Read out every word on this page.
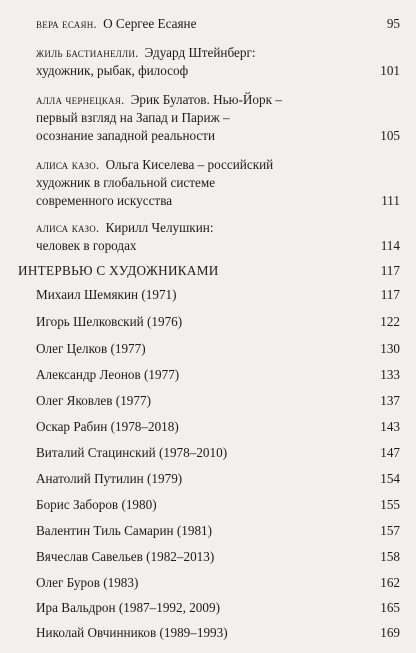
вера есаян. О Сергее Есаяне	95
жиль бастианелли. Эдуард Штейнберг:
художник, рыбак, философ	101
алла чернецкая. Эрик Булатов. Нью-Йорк –
первый взгляд на Запад и Париж –
осознание западной реальности	105
алиса казо. Ольга Киселева – российский
художник в глобальной системе
современного искусства	111
алиса казо. Кирилл Челушкин:
человек в городах	114
ИНТЕРВЬЮ С ХУДОЖНИКАМИ	117
Михаил Шемякин (1971)	117
Игорь Шелковский (1976)	122
Олег Целков (1977)	130
Александр Леонов (1977)	133
Олег Яковлев (1977)	137
Оскар Рабин (1978–2018)	143
Виталий Стацинский (1978–2010)	147
Анатолий Путилин (1979)	154
Борис Заборов (1980)	155
Валентин Тиль Самарин (1981)	157
Вячеслав Савельев (1982–2013)	158
Олег Буров (1983)	162
Ира Вальдрон (1987–1992, 2009)	165
Николай Овчинников (1989–1993)	169
